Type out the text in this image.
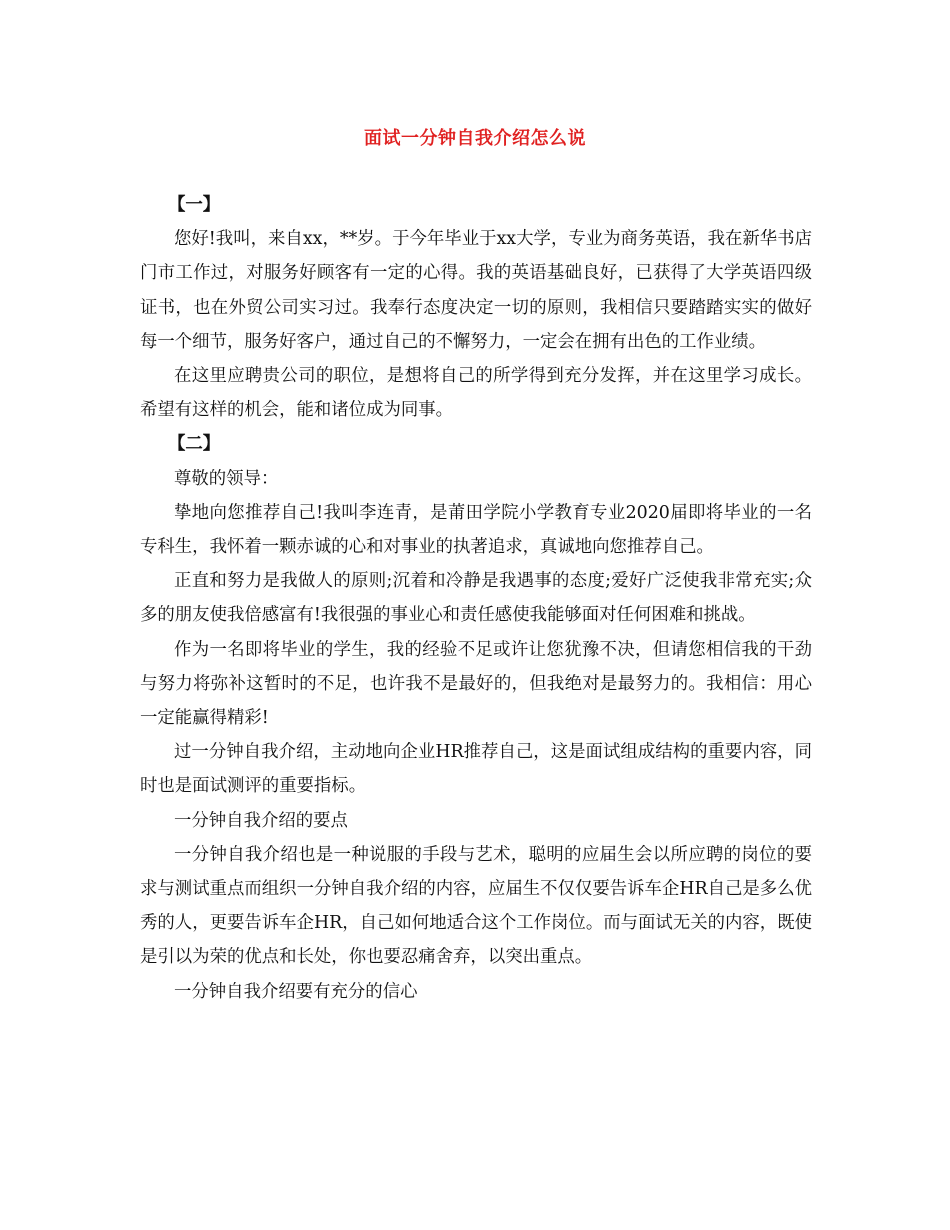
面试一分钟自我介绍怎么说

【一】

您好!我叫，来自xx，**岁。于今年毕业于xx大学，专业为商务英语，我在新华书店门市工作过，对服务好顾客有一定的心得。我的英语基础良好，已获得了大学英语四级证书，也在外贸公司实习过。我奉行态度决定一切的原则，我相信只要踏踏实实的做好每一个细节，服务好客户，通过自己的不懈努力，一定会在拥有出色的工作业绩。

在这里应聘贵公司的职位，是想将自己的所学得到充分发挥，并在这里学习成长。希望有这样的机会，能和诸位成为同事。

【二】

尊敬的领导：

挚地向您推荐自己!我叫李连青，是莆田学院小学教育专业2020届即将毕业的一名专科生，我怀着一颗赤诚的心和对事业的执著追求，真诚地向您推荐自己。

正直和努力是我做人的原则;沉着和冷静是我遇事的态度;爱好广泛使我非常充实;众多的朋友使我倍感富有!我很强的事业心和责任感使我能够面对任何困难和挑战。

作为一名即将毕业的学生，我的经验不足或许让您犹豫不决，但请您相信我的干劲与努力将弥补这暂时的不足，也许我不是最好的，但我绝对是最努力的。我相信：用心一定能赢得精彩!

过一分钟自我介绍，主动地向企业HR推荐自己，这是面试组成结构的重要内容，同时也是面试测评的重要指标。

一分钟自我介绍的要点

一分钟自我介绍也是一种说服的手段与艺术，聪明的应届生会以所应聘的岗位的要求与测试重点而组织一分钟自我介绍的内容，应届生不仅仅要告诉车企HR自己是多么优秀的人，更要告诉车企HR，自己如何地适合这个工作岗位。而与面试无关的内容，既使是引以为荣的优点和长处，你也要忍痛舍弃，以突出重点。

一分钟自我介绍要有充分的信心
